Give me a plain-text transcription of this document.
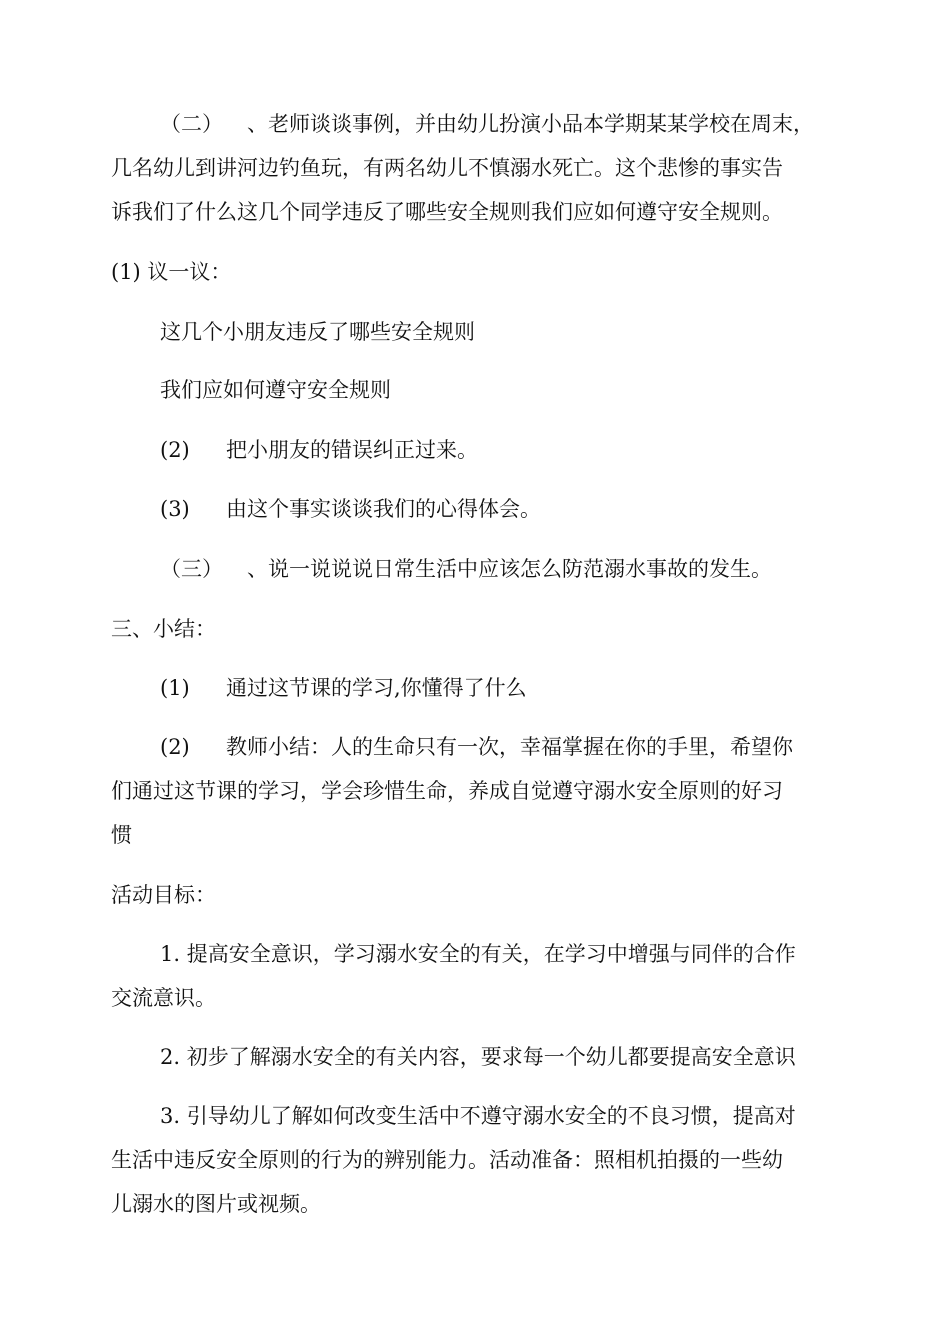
（二） 、老师谈谈事例，并由幼儿扮演小品本学期某某学校在周末，
几名幼儿到讲河边钓鱼玩，有两名幼儿不慎溺水死亡。这个悲惨的事实告
诉我们了什么这几个同学违反了哪些安全规则我们应如何遵守安全规则。
(1) 议一议：
这几个小朋友违反了哪些安全规则
我们应如何遵守安全规则
(2) 把小朋友的错误纠正过来。
(3) 由这个事实谈谈我们的心得体会。
（三） 、说一说说说日常生活中应该怎么防范溺水事故的发生。
三、小结：
(1) 通过这节课的学习,你懂得了什么
(2) 教师小结：人的生命只有一次，幸福掌握在你的手里，希望你
们通过这节课的学习，学会珍惜生命，养成自觉遵守溺水安全原则的好习
惯
活动目标：
1. 提高安全意识，学习溺水安全的有关，在学习中增强与同伴的合作
交流意识。
2. 初步了解溺水安全的有关内容，要求每一个幼儿都要提高安全意识
3. 引导幼儿了解如何改变生活中不遵守溺水安全的不良习惯，提高对
生活中违反安全原则的行为的辨别能力。活动准备：照相机拍摄的一些幼
儿溺水的图片或视频。
